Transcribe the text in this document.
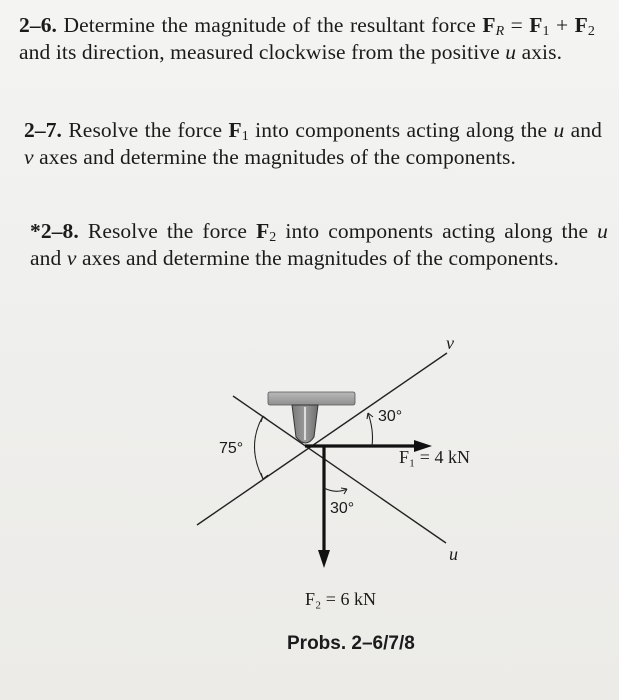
2–6. Determine the magnitude of the resultant force $F_R = F_1 + F_2$ and its direction, measured clockwise from the positive u axis.
2–7. Resolve the force $F_1$ into components acting along the u and v axes and determine the magnitudes of the components.
*2–8. Resolve the force $F_2$ into components acting along the u and v axes and determine the magnitudes of the components.
v
u
75°
30°
30°
F₁ = 4 kN
F₂ = 6 kN
Probs. 2–6/7/8
